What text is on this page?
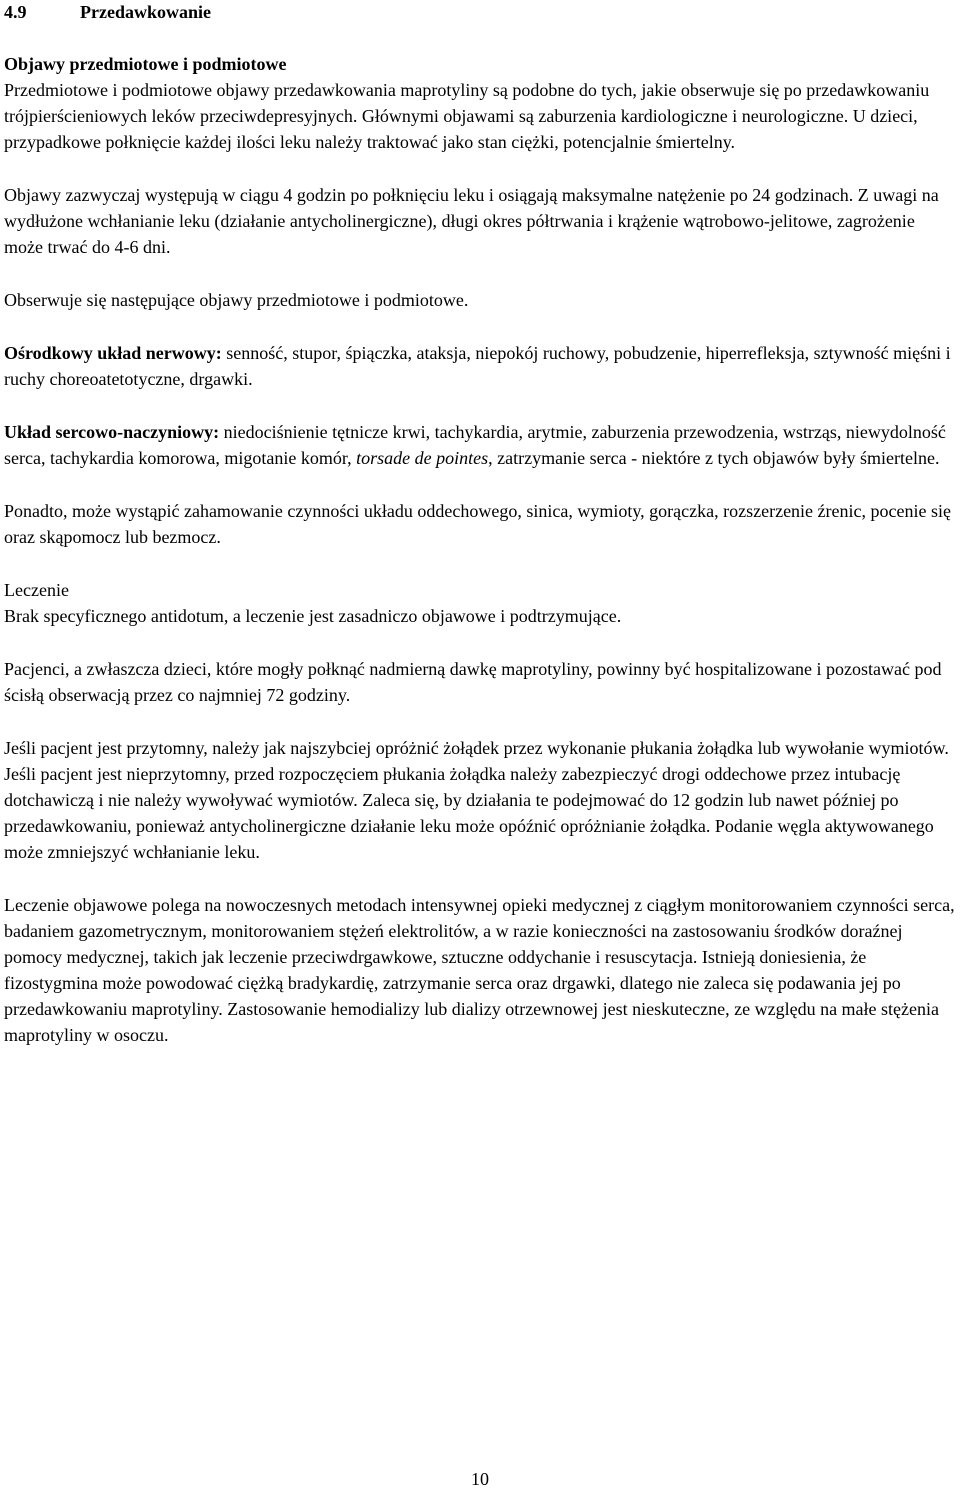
4.9	Przedawkowanie
Objawy przedmiotowe i podmiotowe

Przedmiotowe i podmiotowe objawy przedawkowania maprotyliny są podobne do tych, jakie obserwuje się po przedawkowaniu trójpierścieniowych leków przeciwdepresyjnych. Głównymi objawami są zaburzenia kardiologiczne i neurologiczne. U dzieci, przypadkowe połknięcie każdej ilości leku należy traktować jako stan ciężki, potencjalnie śmiertelny.

Objawy zazwyczaj występują w ciągu 4 godzin po połknięciu leku i osiągają maksymalne natężenie po 24 godzinach. Z uwagi na wydłużone wchłanianie leku (działanie antycholinergiczne), długi okres półtrwania i krążenie wątrobowo-jelitowe, zagrożenie może trwać do 4-6 dni.

Obserwuje się następujące objawy przedmiotowe i podmiotowe.

Ośrodkowy układ nerwowy: senność, stupor, śpiączka, ataksja, niepokój ruchowy, pobudzenie, hiperrefleksja, sztywność mięśni i ruchy choreoatetotyczne, drgawki.

Układ sercowo-naczyniowy: niedociśnienie tętnicze krwi, tachykardia, arytmie, zaburzenia przewodzenia, wstrząs, niewydolność serca, tachykardia komorowa, migotanie komór, torsade de pointes, zatrzymanie serca - niektóre z tych objawów były śmiertelne.

Ponadto, może wystąpić zahamowanie czynności układu oddechowego, sinica, wymioty, gorączka, rozszerzenie źrenic, pocenie się oraz skąpomocz lub bezmocz.

Leczenie

Brak specyficznego antidotum, a leczenie jest zasadniczo objawowe i podtrzymujące.

Pacjenci, a zwłaszcza dzieci, które mogły połknąć nadmierną dawkę maprotyliny, powinny być hospitalizowane i pozostawać pod ścisłą obserwacją przez co najmniej 72 godziny.

Jeśli pacjent jest przytomny, należy jak najszybciej opróżnić żołądek przez wykonanie płukania żołądka lub wywołanie wymiotów. Jeśli pacjent jest nieprzytomny, przed rozpoczęciem płukania żołądka należy zabezpieczyć drogi oddechowe przez intubację dotchawiczą i nie należy wywoływać wymiotów. Zaleca się, by działania te podejmować do 12 godzin lub nawet później po przedawkowaniu, ponieważ antycholinergiczne działanie leku może opóźnić opróżnianie żołądka. Podanie węgla aktywowanego może zmniejszyć wchłanianie leku.

Leczenie objawowe polega na nowoczesnych metodach intensywnej opieki medycznej z ciągłym monitorowaniem czynności serca, badaniem gazometrycznym, monitorowaniem stężeń elektrolitów, a w razie konieczności na zastosowaniu środków doraźnej pomocy medycznej, takich jak leczenie przeciwdrgawkowe, sztuczne oddychanie i resuscytacja. Istnieją doniesienia, że fizostygmina może powodować ciężką bradykardię, zatrzymanie serca oraz drgawki, dlatego nie zaleca się podawania jej po przedawkowaniu maprotyliny. Zastosowanie hemodializy lub dializy otrzewnowej jest nieskuteczne, ze względu na małe stężenia maprotyliny w osoczu.

10
